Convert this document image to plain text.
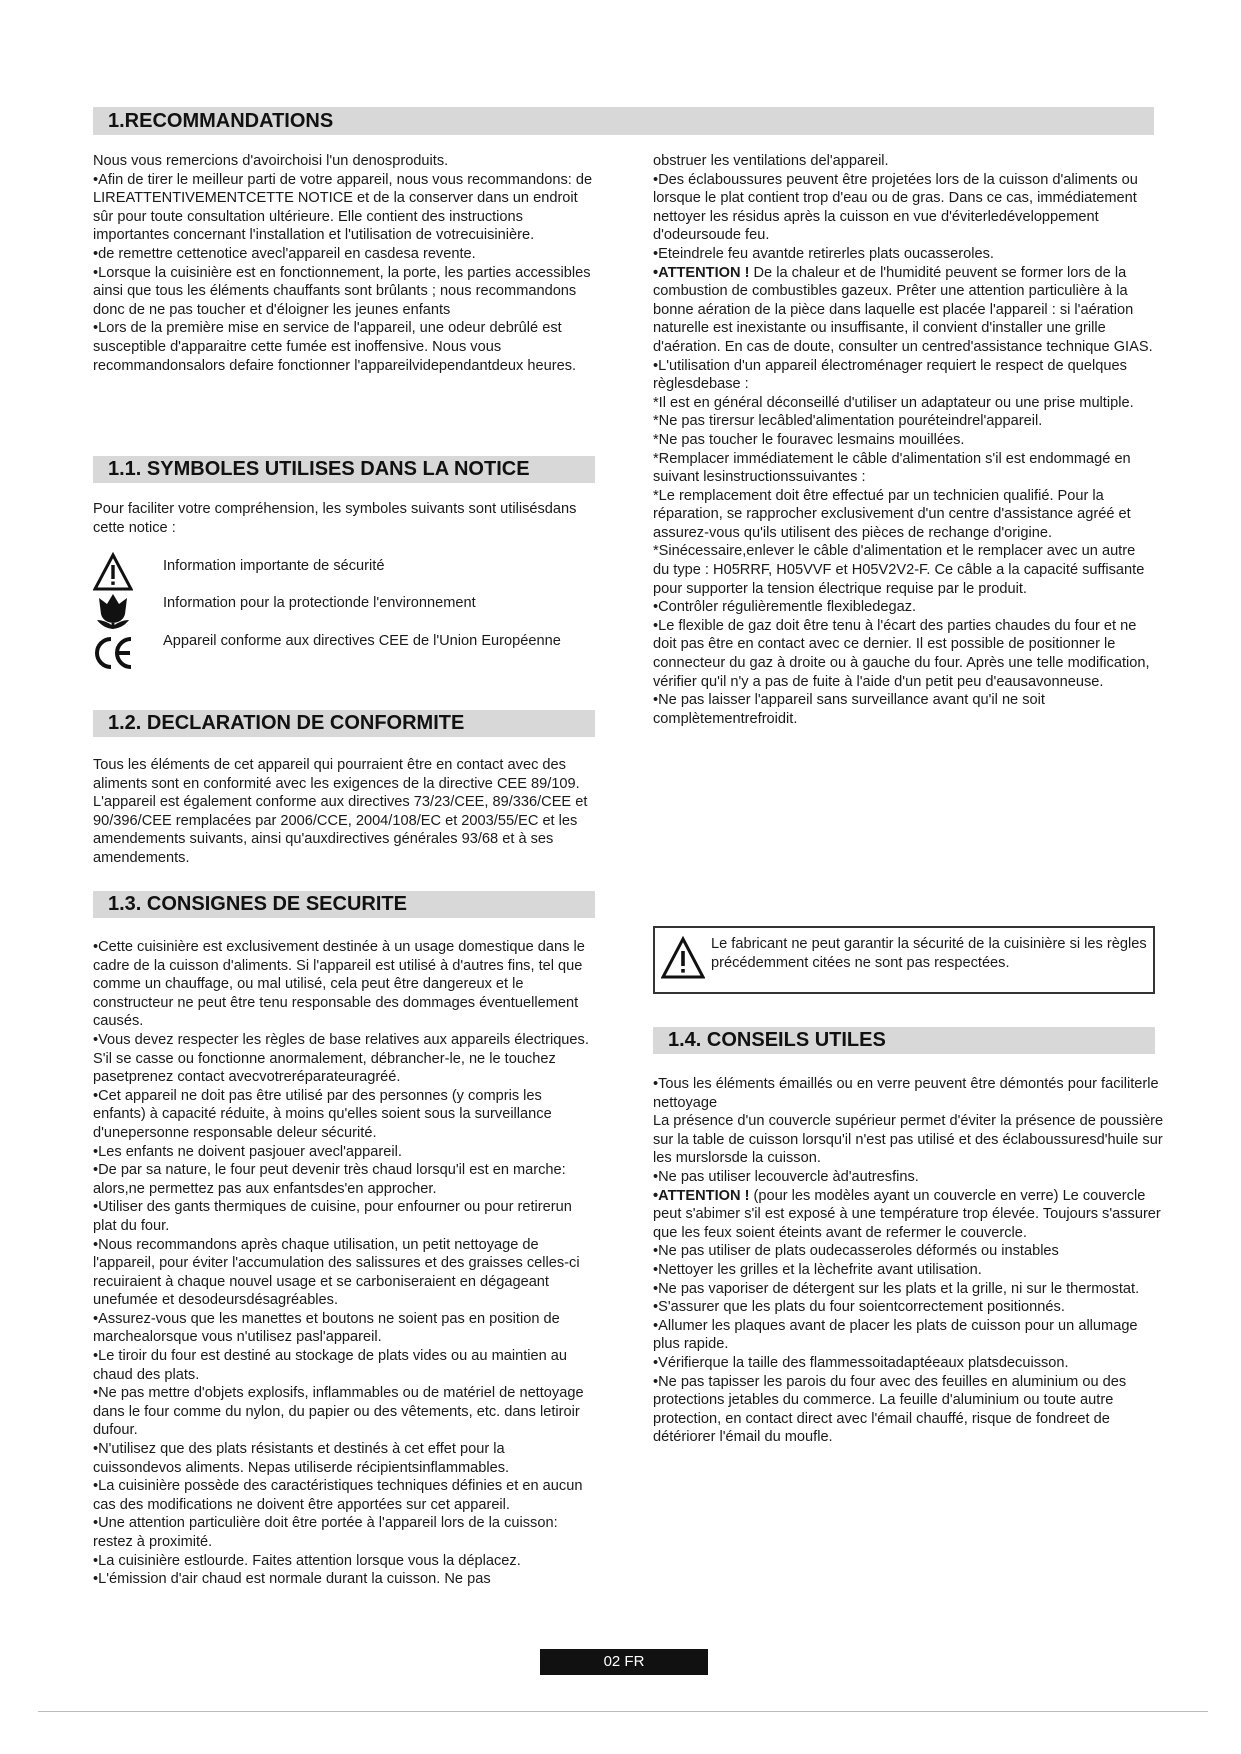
1.RECOMMANDATIONS

Nous vous remercions d'avoirchoisi l'un denosproduits.

•Afin de tirer le meilleur parti de votre appareil, nous vous recommandons: de LIREATTENTIVEMENTCETTE NOTICE et de la conserver dans un endroit sûr pour toute consultation ultérieure. Elle contient des instructions importantes concernant l'installation et l'utilisation de votrecuisinière.

•de remettre cettenotice avecl'appareil en casdesa revente.

•Lorsque la cuisinière est en fonctionnement, la porte, les parties accessibles ainsi que tous les éléments chauffants sont brûlants ; nous recommandons donc de ne pas toucher et d'éloigner les jeunes enfants

•Lors de la première mise en service de l'appareil, une odeur debrûlé est susceptible d'apparaitre cette fumée est inoffensive. Nous vous recommandonsalors defaire fonctionner l'appareilvidependantdeux heures.

1.1. SYMBOLES UTILISES DANS LA NOTICE
Pour faciliter votre compréhension, les symboles suivants sont utilisésdans cette notice :
Information importante de sécurité
Information pour la protectionde l'environnement
Appareil conforme aux directives CEE de l'Union Européenne
1.2. DECLARATION DE CONFORMITE
Tous les éléments de cet appareil qui pourraient être en contact avec des aliments sont en conformité avec les exigences de la directive CEE 89/109. L'appareil est également conforme aux directives 73/23/CEE, 89/336/CEE et 90/396/CEE remplacées par 2006/CCE, 2004/108/EC et 2003/55/EC et les amendements suivants, ainsi qu'auxdirectives générales 93/68 et à ses amendements.
1.3. CONSIGNES DE SECURITE

•Cette cuisinière est exclusivement destinée à un usage domestique dans le cadre de la cuisson d'aliments. Si l'appareil est utilisé à d'autres fins, tel que comme un chauffage, ou mal utilisé, cela peut être dangereux et le constructeur ne peut être tenu responsable des dommages éventuellement causés.

•Vous devez respecter les règles de base relatives aux appareils électriques. S'il se casse ou fonctionne anormalement, débrancher-le, ne le touchez pasetprenez contact avecvotreréparateuragréé.

•Cet appareil ne doit pas être utilisé par des personnes (y compris les enfants) à capacité réduite, à moins qu'elles soient sous la surveillance d'unepersonne responsable deleur sécurité.

•Les enfants ne doivent pasjouer avecl'appareil.

•De par sa nature, le four peut devenir très chaud lorsqu'il est en marche: alors,ne permettez pas aux enfantsdes'en approcher.

•Utiliser des gants thermiques de cuisine, pour enfourner ou pour retirerun plat du four.

•Nous recommandons après chaque utilisation, un petit nettoyage de l'appareil, pour éviter l'accumulation des salissures et des graisses celles-ci recuiraient à chaque nouvel usage et se carboniseraient en dégageant unefumée et desodeursdésagréables.

•Assurez-vous que les manettes et boutons ne soient pas en position de marchealorsque vous n'utilisez pasl'appareil.

•Le tiroir du four est destiné au stockage de plats vides ou au maintien au chaud des plats.

•Ne pas mettre d'objets explosifs, inflammables ou de matériel de nettoyage dans le four comme du nylon, du papier ou des vêtements, etc. dans letiroir dufour.

•N'utilisez que des plats résistants et destinés à cet effet pour la cuissondevos aliments. Nepas utiliserde récipientsinflammables.

•La cuisinière possède des caractéristiques techniques définies et en aucun cas des modifications ne doivent être apportées sur cet appareil.

•Une attention particulière doit être portée à l'appareil lors de la cuisson: restez à proximité.

•La cuisinière estlourde. Faites attention lorsque vous la déplacez.

•L'émission d'air chaud est normale durant la cuisson. Ne pas

obstruer les ventilations del'appareil.

•Des éclaboussures peuvent être projetées lors de la cuisson d'aliments ou lorsque le plat contient trop d'eau ou de gras. Dans ce cas, immédiatement nettoyer les résidus après la cuisson en vue d'éviterledéveloppement d'odeursoude feu.

•Eteindrele feu avantde retirerles plats oucasseroles.

•ATTENTION ! De la chaleur et de l'humidité peuvent se former lors de la combustion de combustibles gazeux. Prêter une attention particulière à la bonne aération de la pièce dans laquelle est placée l'appareil : si l'aération naturelle est inexistante ou insuffisante, il convient d'installer une grille d'aération. En cas de doute, consulter un centred'assistance technique GIAS.

•L'utilisation d'un appareil électroménager requiert le respect de quelques règlesdebase :

*Il est en général déconseillé d'utiliser un adaptateur ou une prise multiple.

*Ne pas tirersur lecâbled'alimentation pouréteindrel'appareil.

*Ne pas toucher le fouravec lesmains mouillées.

*Remplacer immédiatement le câble d'alimentation s'il est endommagé en suivant lesinstructionssuivantes :

*Le remplacement doit être effectué par un technicien qualifié. Pour la réparation, se rapprocher exclusivement d'un centre d'assistance agréé et assurez-vous qu'ils utilisent des pièces de rechange d'origine.

*Sinécessaire,enlever le câble d'alimentation et le remplacer avec un autre du type : H05RRF, H05VVF et H05V2V2-F. Ce câble a la capacité suffisante pour supporter la tension électrique requise par le produit.

•Contrôler régulièrementle flexibledegaz.

•Le flexible de gaz doit être tenu à l'écart des parties chaudes du four et ne doit pas être en contact avec ce dernier. Il est possible de positionner le connecteur du gaz à droite ou à gauche du four. Après une telle modification, vérifier qu'il n'y a pas de fuite à l'aide d'un petit peu d'eausavonneuse.

•Ne pas laisser l'appareil sans surveillance avant qu'il ne soit complètementrefroidit.

Le fabricant ne peut garantir la sécurité de la cuisinière si les règles précédemment citées ne sont pas respectées.
1.4. CONSEILS UTILES

•Tous les éléments émaillés ou en verre peuvent être démontés pour faciliterle nettoyage

La présence d'un couvercle supérieur permet d'éviter la présence de poussière sur la table de cuisson lorsqu'il n'est pas utilisé et des éclaboussuresd'huile sur les murslorsde la cuisson.

•Ne pas utiliser lecouvercle àd'autresfins.

•ATTENTION ! (pour les modèles ayant un couvercle en verre) Le couvercle peut s'abimer s'il est exposé à une température trop élevée. Toujours s'assurer que les feux soient éteints avant de refermer le couvercle.

•Ne pas utiliser de plats oudecasseroles déformés ou instables

•Nettoyer les grilles et la lèchefrite avant utilisation.

•Ne pas vaporiser de détergent sur les plats et la grille, ni sur le thermostat.

•S'assurer que les plats du four soientcorrectement positionnés.

•Allumer les plaques avant de placer les plats de cuisson pour un allumage plus rapide.

•Vérifierque la taille des flammessoitadaptéeaux platsdecuisson.

•Ne pas tapisser les parois du four avec des feuilles en aluminium ou des protections jetables du commerce. La feuille d'aluminium ou toute autre protection, en contact direct avec l'émail chauffé, risque de fondreet de détériorer l'émail du moufle.

02 FR
